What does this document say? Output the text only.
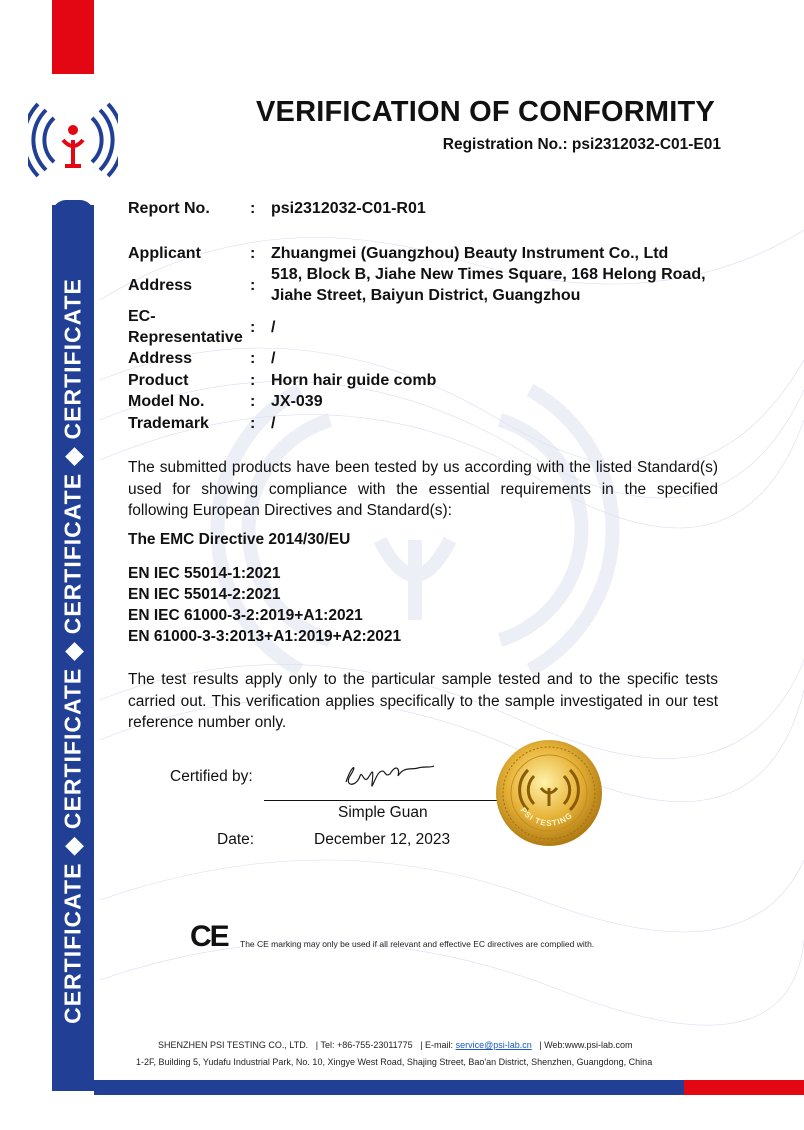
CERTIFICATE ◆ CERTIFICATE ◆ CERTIFICATE ◆ CERTIFICATE
VERIFICATION OF CONFORMITY
Registration No.: psi2312032-C01-E01
Report No.	: psi2312032-C01-R01
Applicant	: Zhuangmei (Guangzhou) Beauty Instrument Co., Ltd
Address	:
518, Block B, Jiahe New Times Square, 168 Helong Road,
Jiahe Street, Baiyun District, Guangzhou
EC-
Representative
: /
Address	: /
Product	: Horn hair guide comb
Model No.	: JX-039
Trademark	: /
The submitted products have been tested by us according with the listed Standard(s) used for showing compliance with the essential requirements in the specified following European Directives and Standard(s):
The EMC Directive 2014/30/EU
EN IEC 55014-1:2021
EN IEC 55014-2:2021
EN IEC 61000-3-2:2019+A1:2021
EN 61000-3-3:2013+A1:2019+A2:2021
The test results apply only to the particular sample tested and to the specific tests carried out. This verification applies specifically to the sample investigated in our test reference number only.
Certified by:
Simple Guan
Date:	December 12, 2023
PSI TESTING
CE The CE marking may only be used if all relevant and effective EC directives are complied with.
SHENZHEN PSI TESTING CO., LTD.   | Tel: +86-755-23011775   | E-mail: service@psi-lab.cn   | Web:www.psi-lab.com
1-2F, Building 5, Yudafu Industrial Park, No. 10, Xingye West Road, Shajing Street, Bao'an District, Shenzhen, Guangdong, China
